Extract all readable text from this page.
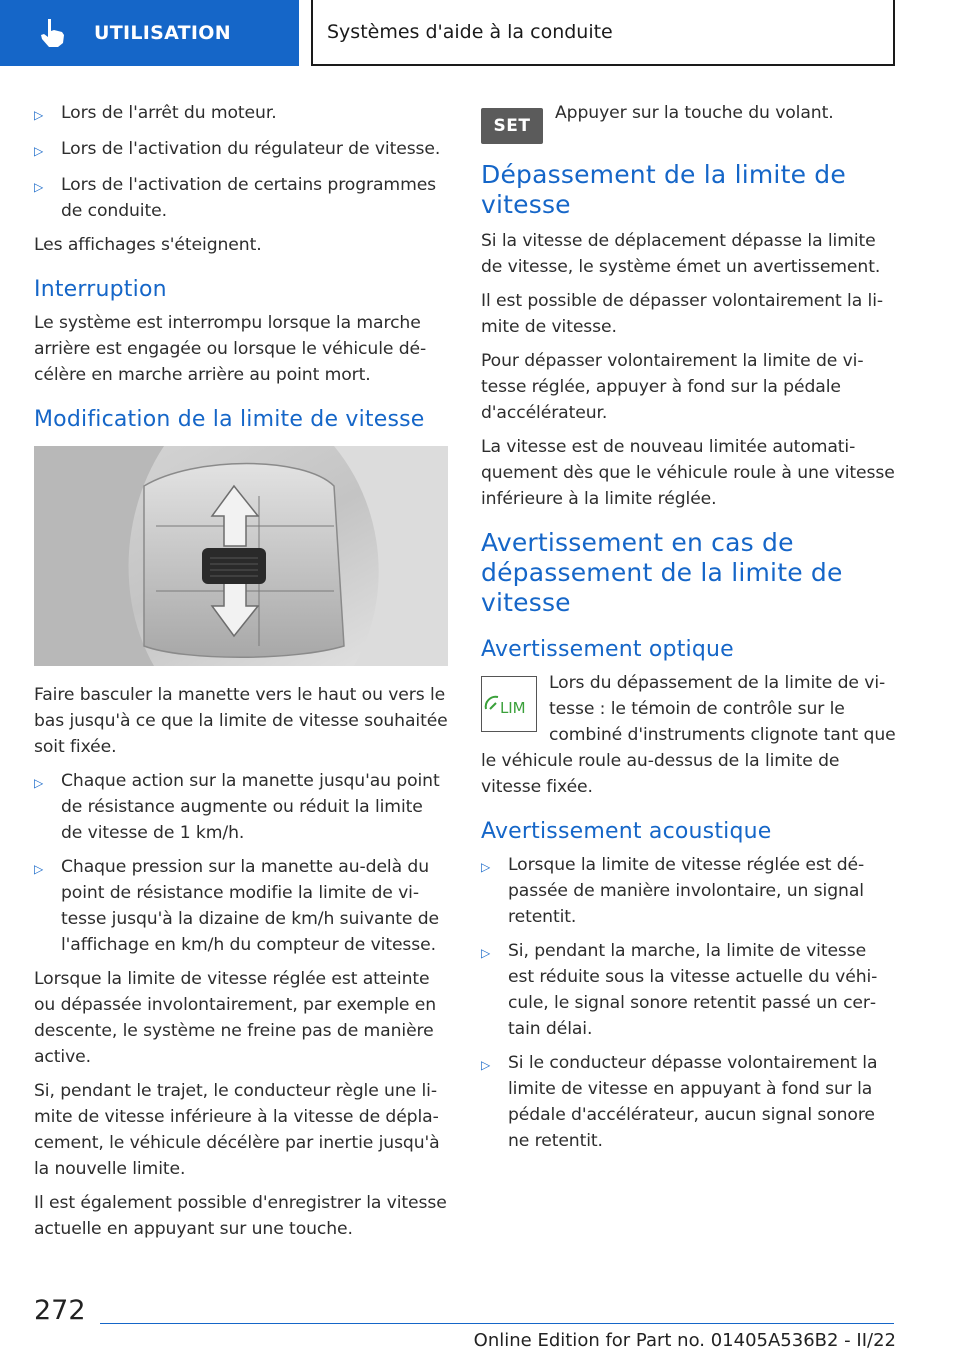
UTILISATION	Systèmes d'aide à la conduite
▷	Lors de l'arrêt du moteur.
▷	Lors de l'activation du régulateur de vitesse.
▷	Lors de l'activation de certains programmes de conduite.

Les affichages s'éteignent.

Interruption

Le système est interrompu lorsque la marche arrière est engagée ou lorsque le véhicule décélère en marche arrière au point mort.

Modification de la limite de vitesse

Faire basculer la manette vers le haut ou vers le bas jusqu'à ce que la limite de vitesse souhaitée soit fixée.

▷	Chaque action sur la manette jusqu'au point de résistance augmente ou réduit la limite de vitesse de 1 km/h.
▷	Chaque pression sur la manette au-delà du point de résistance modifie la limite de vitesse jusqu'à la dizaine de km/h suivante de l'affichage en km/h du compteur de vitesse.

Lorsque la limite de vitesse réglée est atteinte ou dépassée involontairement, par exemple en descente, le système ne freine pas de manière active.

Si, pendant le trajet, le conducteur règle une limite de vitesse inférieure à la vitesse de déplacement, le véhicule décélère par inertie jusqu'à la nouvelle limite.

Il est également possible d'enregistrer la vitesse actuelle en appuyant sur une touche.

SET
Appuyer sur la touche du volant.
Dépassement de la limite de vitesse

Si la vitesse de déplacement dépasse la limite de vitesse, le système émet un avertissement.

Il est possible de dépasser volontairement la limite de vitesse.

Pour dépasser volontairement la limite de vitesse réglée, appuyer à fond sur la pédale d'accélérateur.

La vitesse est de nouveau limitée automatiquement dès que le véhicule roule à une vitesse inférieure à la limite réglée.

Avertissement en cas de dépassement de la limite de vitesse
Avertissement optique
LIM

Lors du dépassement de la limite de vitesse : le témoin de contrôle sur le combiné d'instruments clignote tant que le véhicule roule au-dessus de la limite de vitesse fixée.

Avertissement acoustique
▷	Lorsque la limite de vitesse réglée est dépassée de manière involontaire, un signal retentit.
▷	Si, pendant la marche, la limite de vitesse est réduite sous la vitesse actuelle du véhicule, le signal sonore retentit passé un certain délai.
▷	Si le conducteur dépasse volontairement la limite de vitesse en appuyant à fond sur la pédale d'accélérateur, aucun signal sonore ne retentit.
272
Online Edition for Part no. 01405A536B2 - II/22
